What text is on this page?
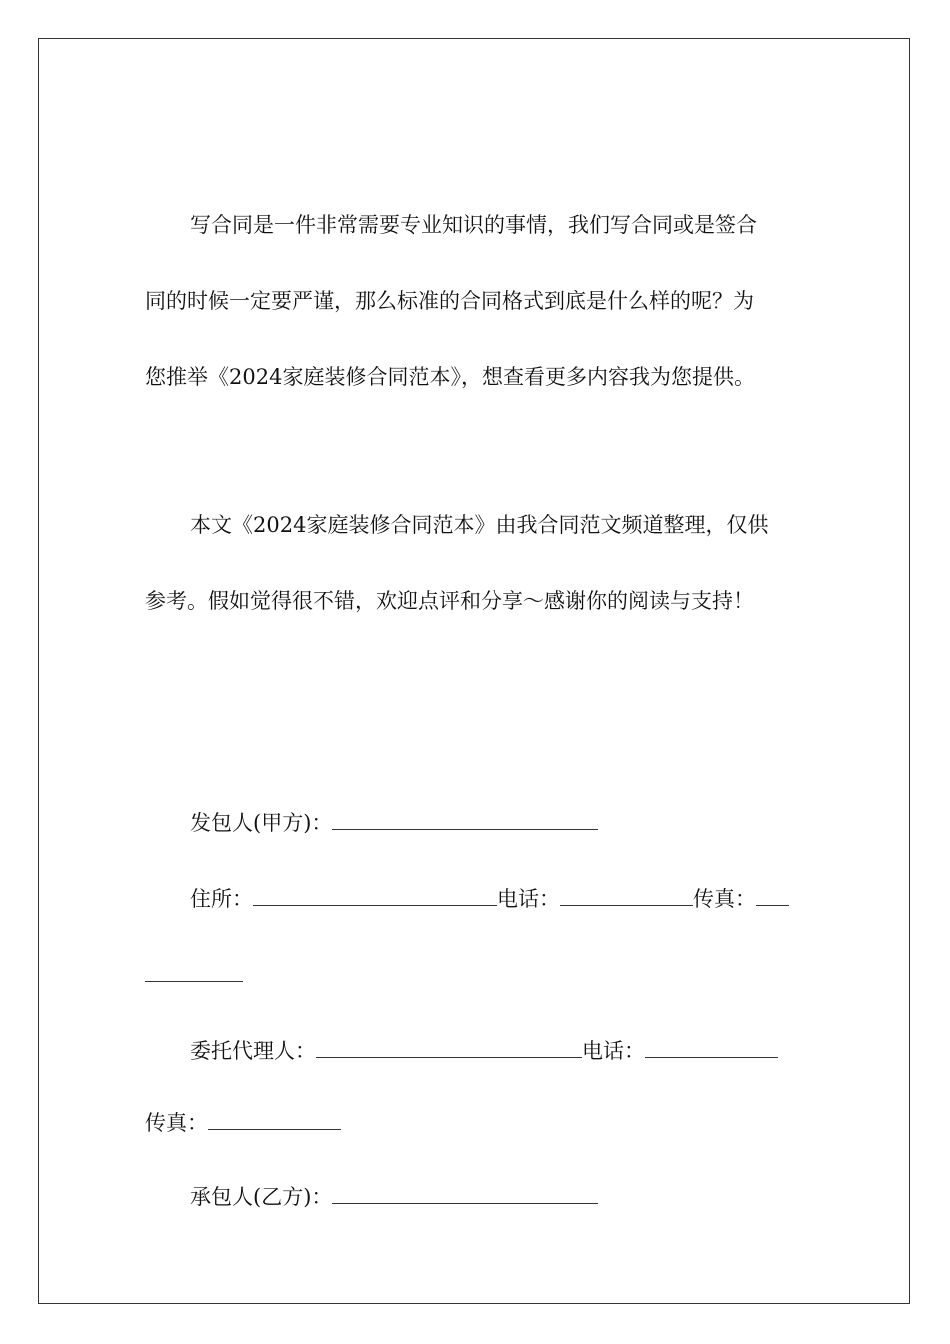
写合同是一件非常需要专业知识的事情，我们写合同或是签合
同的时候一定要严谨，那么标准的合同格式到底是什么样的呢？为
您推举《2024家庭装修合同范本》，想查看更多内容我为您提供。
本文《2024家庭装修合同范本》由我合同范文频道整理，仅供
参考。假如觉得很不错，欢迎点评和分享～感谢你的阅读与支持！
发包人(甲方)：
住所：	电话：	传真：
委托代理人：	电话：
传真：
承包人(乙方)：
